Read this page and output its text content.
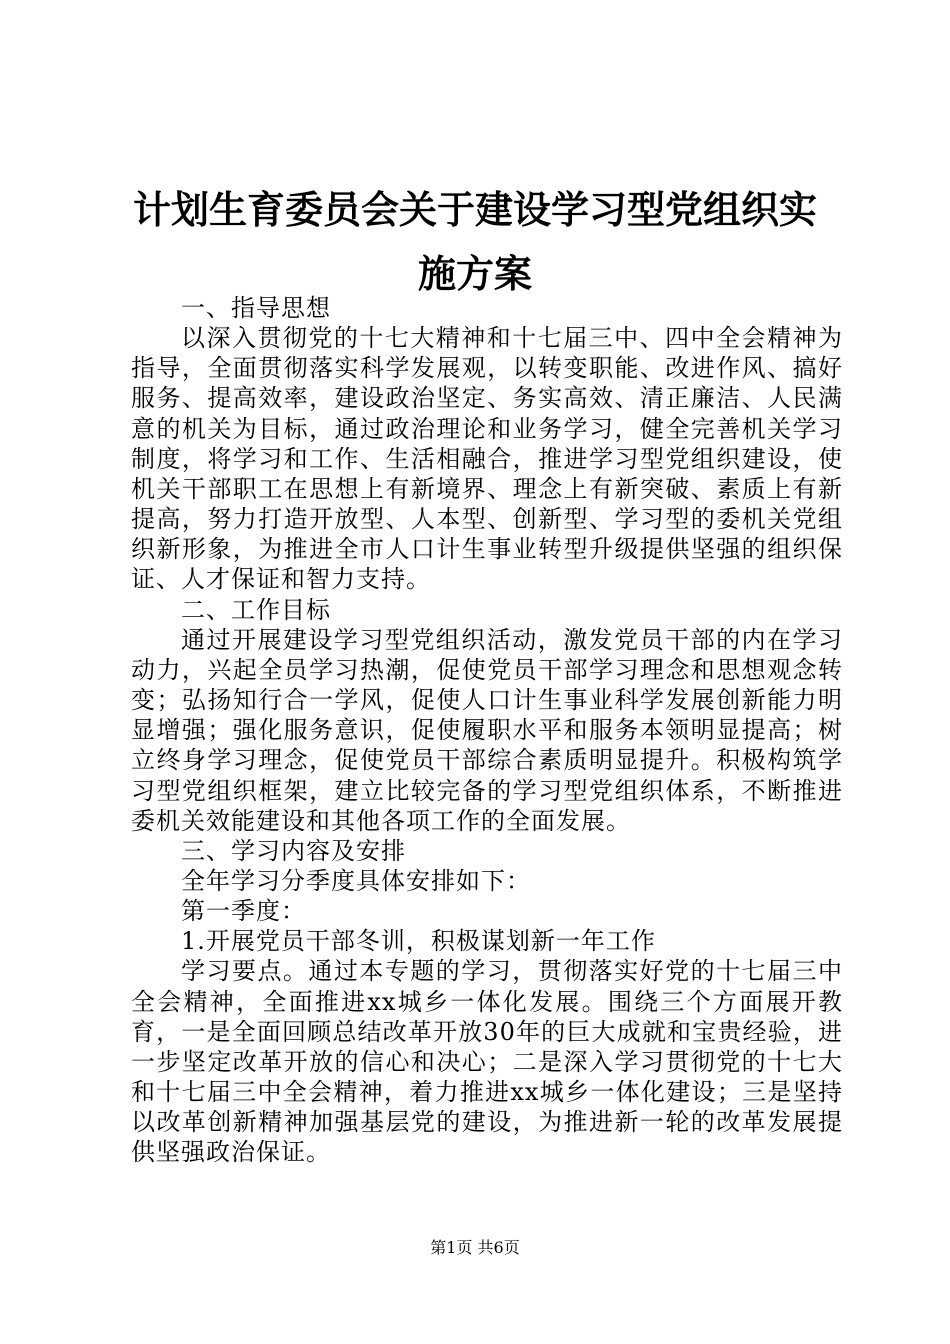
计划生育委员会关于建设学习型党组织实施方案

一、指导思想

以深入贯彻党的十七大精神和十七届三中、四中全会精神为指导，全面贯彻落实科学发展观，以转变职能、改进作风、搞好服务、提高效率，建设政治坚定、务实高效、清正廉洁、人民满意的机关为目标，通过政治理论和业务学习，健全完善机关学习制度，将学习和工作、生活相融合，推进学习型党组织建设，使机关干部职工在思想上有新境界、理念上有新突破、素质上有新提高，努力打造开放型、人本型、创新型、学习型的委机关党组织新形象，为推进全市人口计生事业转型升级提供坚强的组织保证、人才保证和智力支持。

二、工作目标

通过开展建设学习型党组织活动，激发党员干部的内在学习动力，兴起全员学习热潮，促使党员干部学习理念和思想观念转变；弘扬知行合一学风，促使人口计生事业科学发展创新能力明显增强；强化服务意识，促使履职水平和服务本领明显提高；树立终身学习理念，促使党员干部综合素质明显提升。积极构筑学习型党组织框架，建立比较完备的学习型党组织体系，不断推进委机关效能建设和其他各项工作的全面发展。

三、学习内容及安排

全年学习分季度具体安排如下：

第一季度：

1.开展党员干部冬训，积极谋划新一年工作

学习要点。通过本专题的学习，贯彻落实好党的十七届三中全会精神，全面推进xx城乡一体化发展。围绕三个方面展开教育，一是全面回顾总结改革开放30年的巨大成就和宝贵经验，进一步坚定改革开放的信心和决心；二是深入学习贯彻党的十七大和十七届三中全会精神，着力推进xx城乡一体化建设；三是坚持以改革创新精神加强基层党的建设，为推进新一轮的改革发展提供坚强政治保证。

第1页 共6页
